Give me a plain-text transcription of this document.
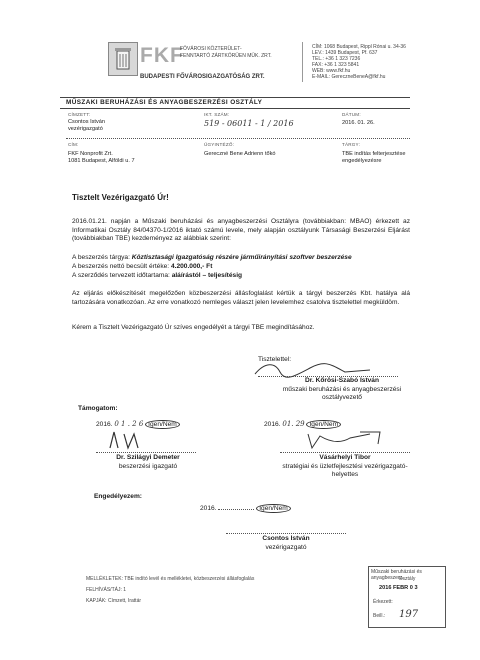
FKF
FŐVÁROSI KÖZTERÜLET-
FENNTARTÓ ZÁRTKÖRŰEN MŰK. ZRT.
BUDAPESTI FŐVÁROSIGAZGATÓSÁG ZRT.
CÍM: 1068 Budapest, Rippl Rónai u. 34-36
LEV.: 1439 Budapest, Pf. 637
TEL.: +36 1 323 7236
FAX: +36 1 323 5841
WEB: www.fkf.hu
E-MAIL: GereczneBeneA@fkf.hu
MŰSZAKI BERUHÁZÁSI ÉS ANYAGBESZERZÉSI OSZTÁLY
CÍMZETT:
Csontos István
vezérigazgató
IKT. SZÁM:
519 - 06011 - 1 / 2016
DÁTUM:
2016. 01. 26.
CÍM:
FKF Nonprofit Zrt.
1081 Budapest, Alföldi u. 7
ÜGYINTÉZŐ:
Gereczné Bene Adrienn tőkó
TÁRGY:
TBE indítás felterjesztése
engedélyezésre
Tisztelt Vezérigazgató Úr!
2016.01.21. napján a Műszaki beruházási és anyagbeszerzési Osztályra (továbbiakban: MBAO) érkezett az Informatikai Osztály 84/04370-1/2016 iktató számú levele, mely alapján osztályunk Társasági Beszerzési Eljárást (továbbiakban TBE) kezdeményez az alábbiak szerint:
A beszerzés tárgya: Köztisztasági Igazgatóság részére járműirányítási szoftver beszerzése
A beszerzés nettó becsült értéke: 4.200.000,- Ft
A szerződés tervezett időtartama: aláírástól – teljesítésig
Az eljárás előkészítését megelőzően közbeszerzési állásfoglalást kértük a tárgyi beszerzés Kbt. hatálya alá tartozására vonatkozóan. Az erre vonatkozó nemleges választ jelen levelemhez csatolva tisztelettel megküldöm.
Kérem a Tisztelt Vezérigazgató Úr szíves engedélyét a tárgyi TBE megindításához.
Tisztelettel:
Dr. Kőrösi-Szabó István
műszaki beruházási és anyagbeszerzési
osztályvezető
Támogatom:
2016. 0 1 . 2 6 Igen/Nem
Dr. Szilágyi Demeter
beszerzési igazgató
2016. 01. 29 Igen/Nem
Vásárhelyi Tibor
stratégiai és üzletfejlesztési vezérigazgató-
helyettes
Engedélyezem:
2016.	Igen/Nem
Csontos István
vezérigazgató
MELLÉKLETEK: TBE indító levél és mellékletei, közbeszerzési állásfoglalás
FELHÍVÁS/TÁJ: 1
KAPJÁK: Címzett, Irattár
Műszaki beruházási és anyagbeszerz.
Osztály
2016 FEBR 0 3
Érkezett:
Beill.: 197
